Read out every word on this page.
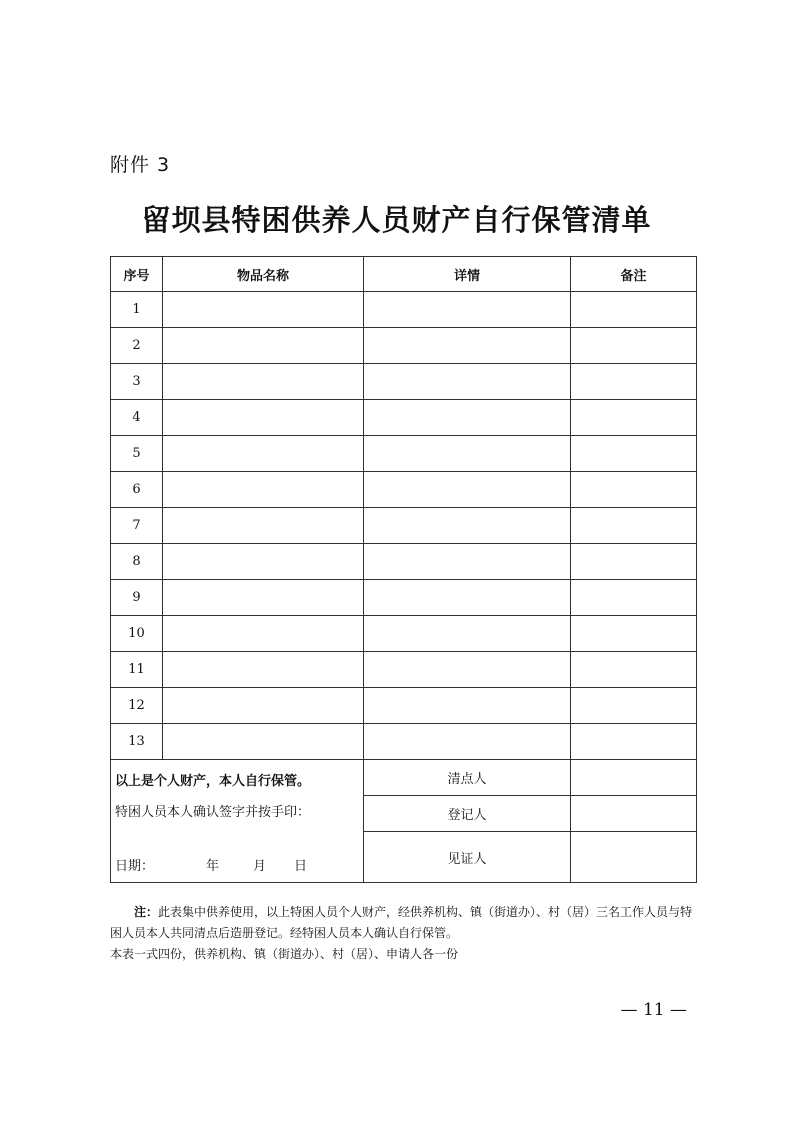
附件 3
留坝县特困供养人员财产自行保管清单
序号	物品名称	详情	备注
1			
2			
3			
4			
5			
6			
7			
8			
9			
10			
11			
12			
13			

以上是个人财产，本人自行保管。
特困人员本人确认签字并按手印：
日期： 年 月 日		清点人	
		登记人	
		见证人	

注：此表集中供养使用，以上特困人员个人财产，经供养机构、镇（街道办）、村（居）三名工作人员与特困人员本人共同清点后造册登记。经特困人员本人确认自行保管。

本表一式四份，供养机构、镇（街道办）、村（居）、申请人各一份

— 11 —
